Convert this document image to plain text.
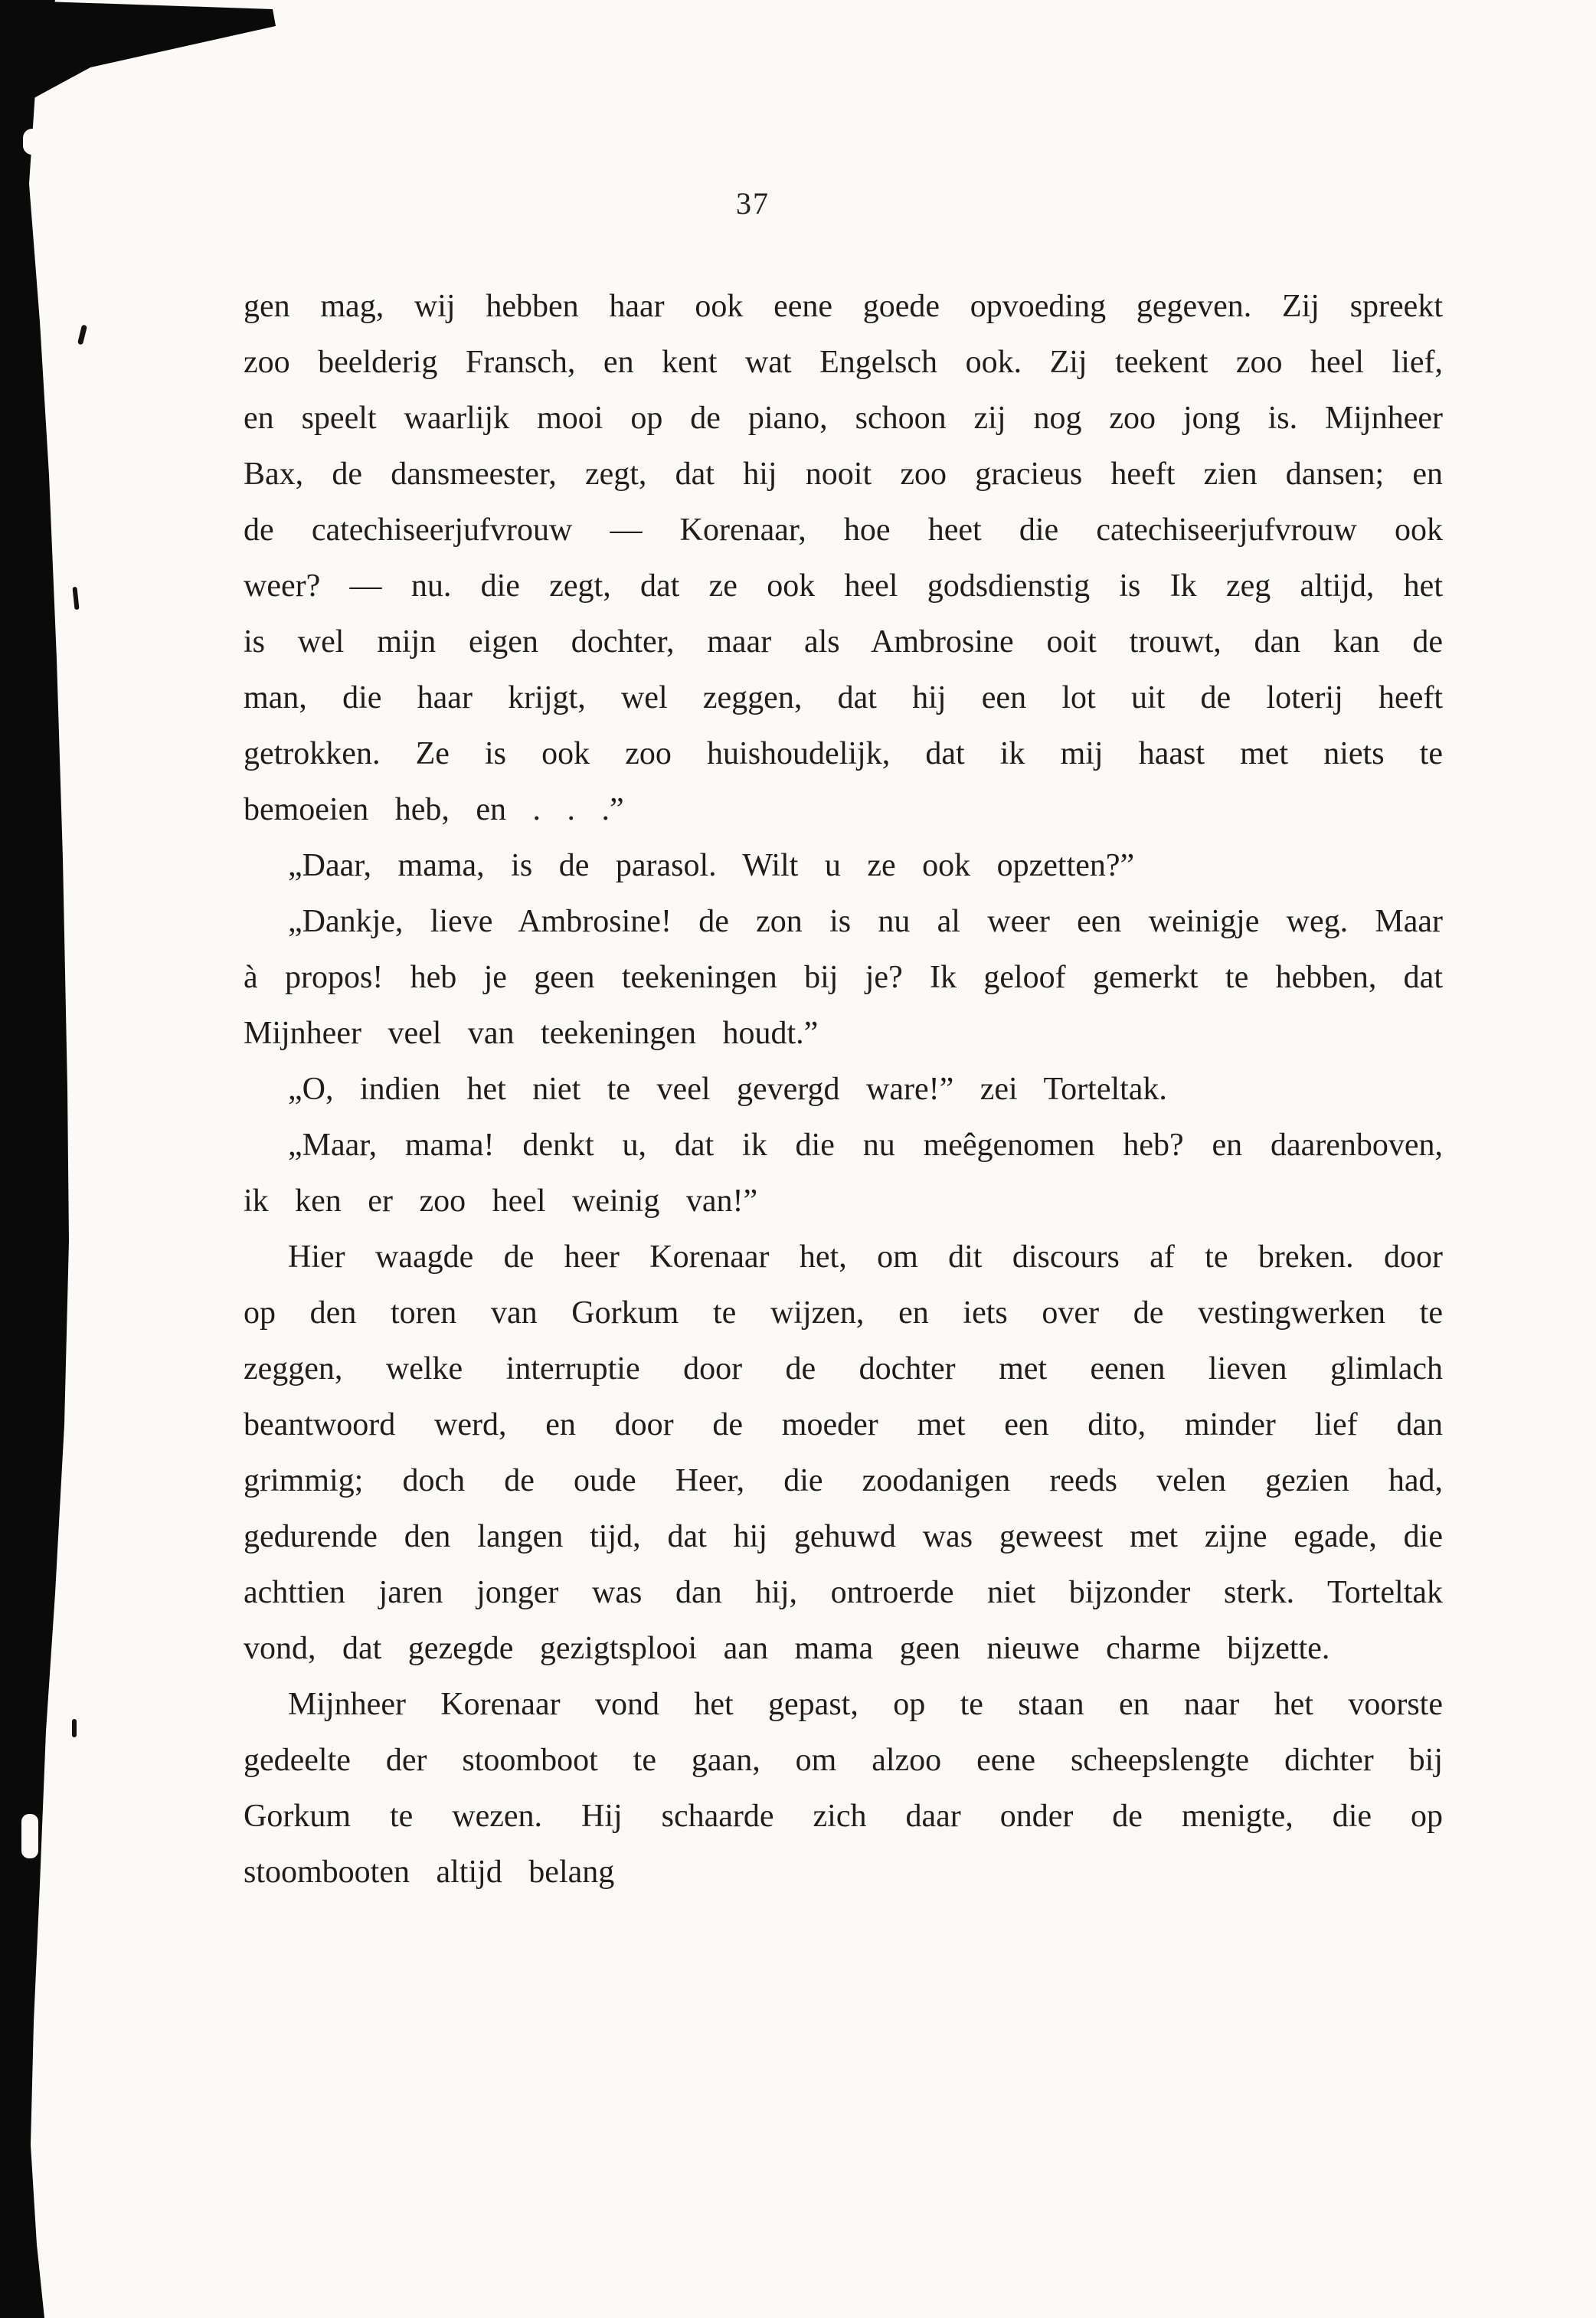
37

gen mag, wij hebben haar ook eene goede opvoeding gegeven. Zij spreekt zoo beelderig Fransch, en kent wat Engelsch ook. Zij teekent zoo heel lief, en speelt waarlijk mooi op de piano, schoon zij nog zoo jong is. Mijnheer Bax, de dansmeester, zegt, dat hij nooit zoo gracieus heeft zien dansen; en de catechiseerjufvrouw — Korenaar, hoe heet die catechiseerjufvrouw ook weer? — nu. die zegt, dat ze ook heel godsdienstig is Ik zeg altijd, het is wel mijn eigen dochter, maar als Ambrosine ooit trouwt, dan kan de man, die haar krijgt, wel zeggen, dat hij een lot uit de loterij heeft getrokken. Ze is ook zoo huishoudelijk, dat ik mij haast met niets te bemoeien heb, en . . .”

„Daar, mama, is de parasol. Wilt u ze ook opzetten?”

„Dankje, lieve Ambrosine! de zon is nu al weer een weinigje weg. Maar à propos! heb je geen teekeningen bij je? Ik geloof gemerkt te hebben, dat Mijnheer veel van teekeningen houdt.”

„O, indien het niet te veel gevergd ware!” zei Torteltak.

„Maar, mama! denkt u, dat ik die nu meêgenomen heb? en daarenboven, ik ken er zoo heel weinig van!”

Hier waagde de heer Korenaar het, om dit discours af te breken. door op den toren van Gorkum te wijzen, en iets over de vestingwerken te zeggen, welke interruptie door de dochter met eenen lieven glimlach beantwoord werd, en door de moeder met een dito, minder lief dan grimmig; doch de oude Heer, die zoodanigen reeds velen gezien had, gedurende den langen tijd, dat hij gehuwd was geweest met zijne egade, die achttien jaren jonger was dan hij, ontroerde niet bijzonder sterk. Torteltak vond, dat gezegde gezigtsplooi aan mama geen nieuwe charme bijzette.

Mijnheer Korenaar vond het gepast, op te staan en naar het voorste gedeelte der stoomboot te gaan, om alzoo eene scheepslengte dichter bij Gorkum te wezen. Hij schaarde zich daar onder de menigte, die op stoombooten altijd belang
